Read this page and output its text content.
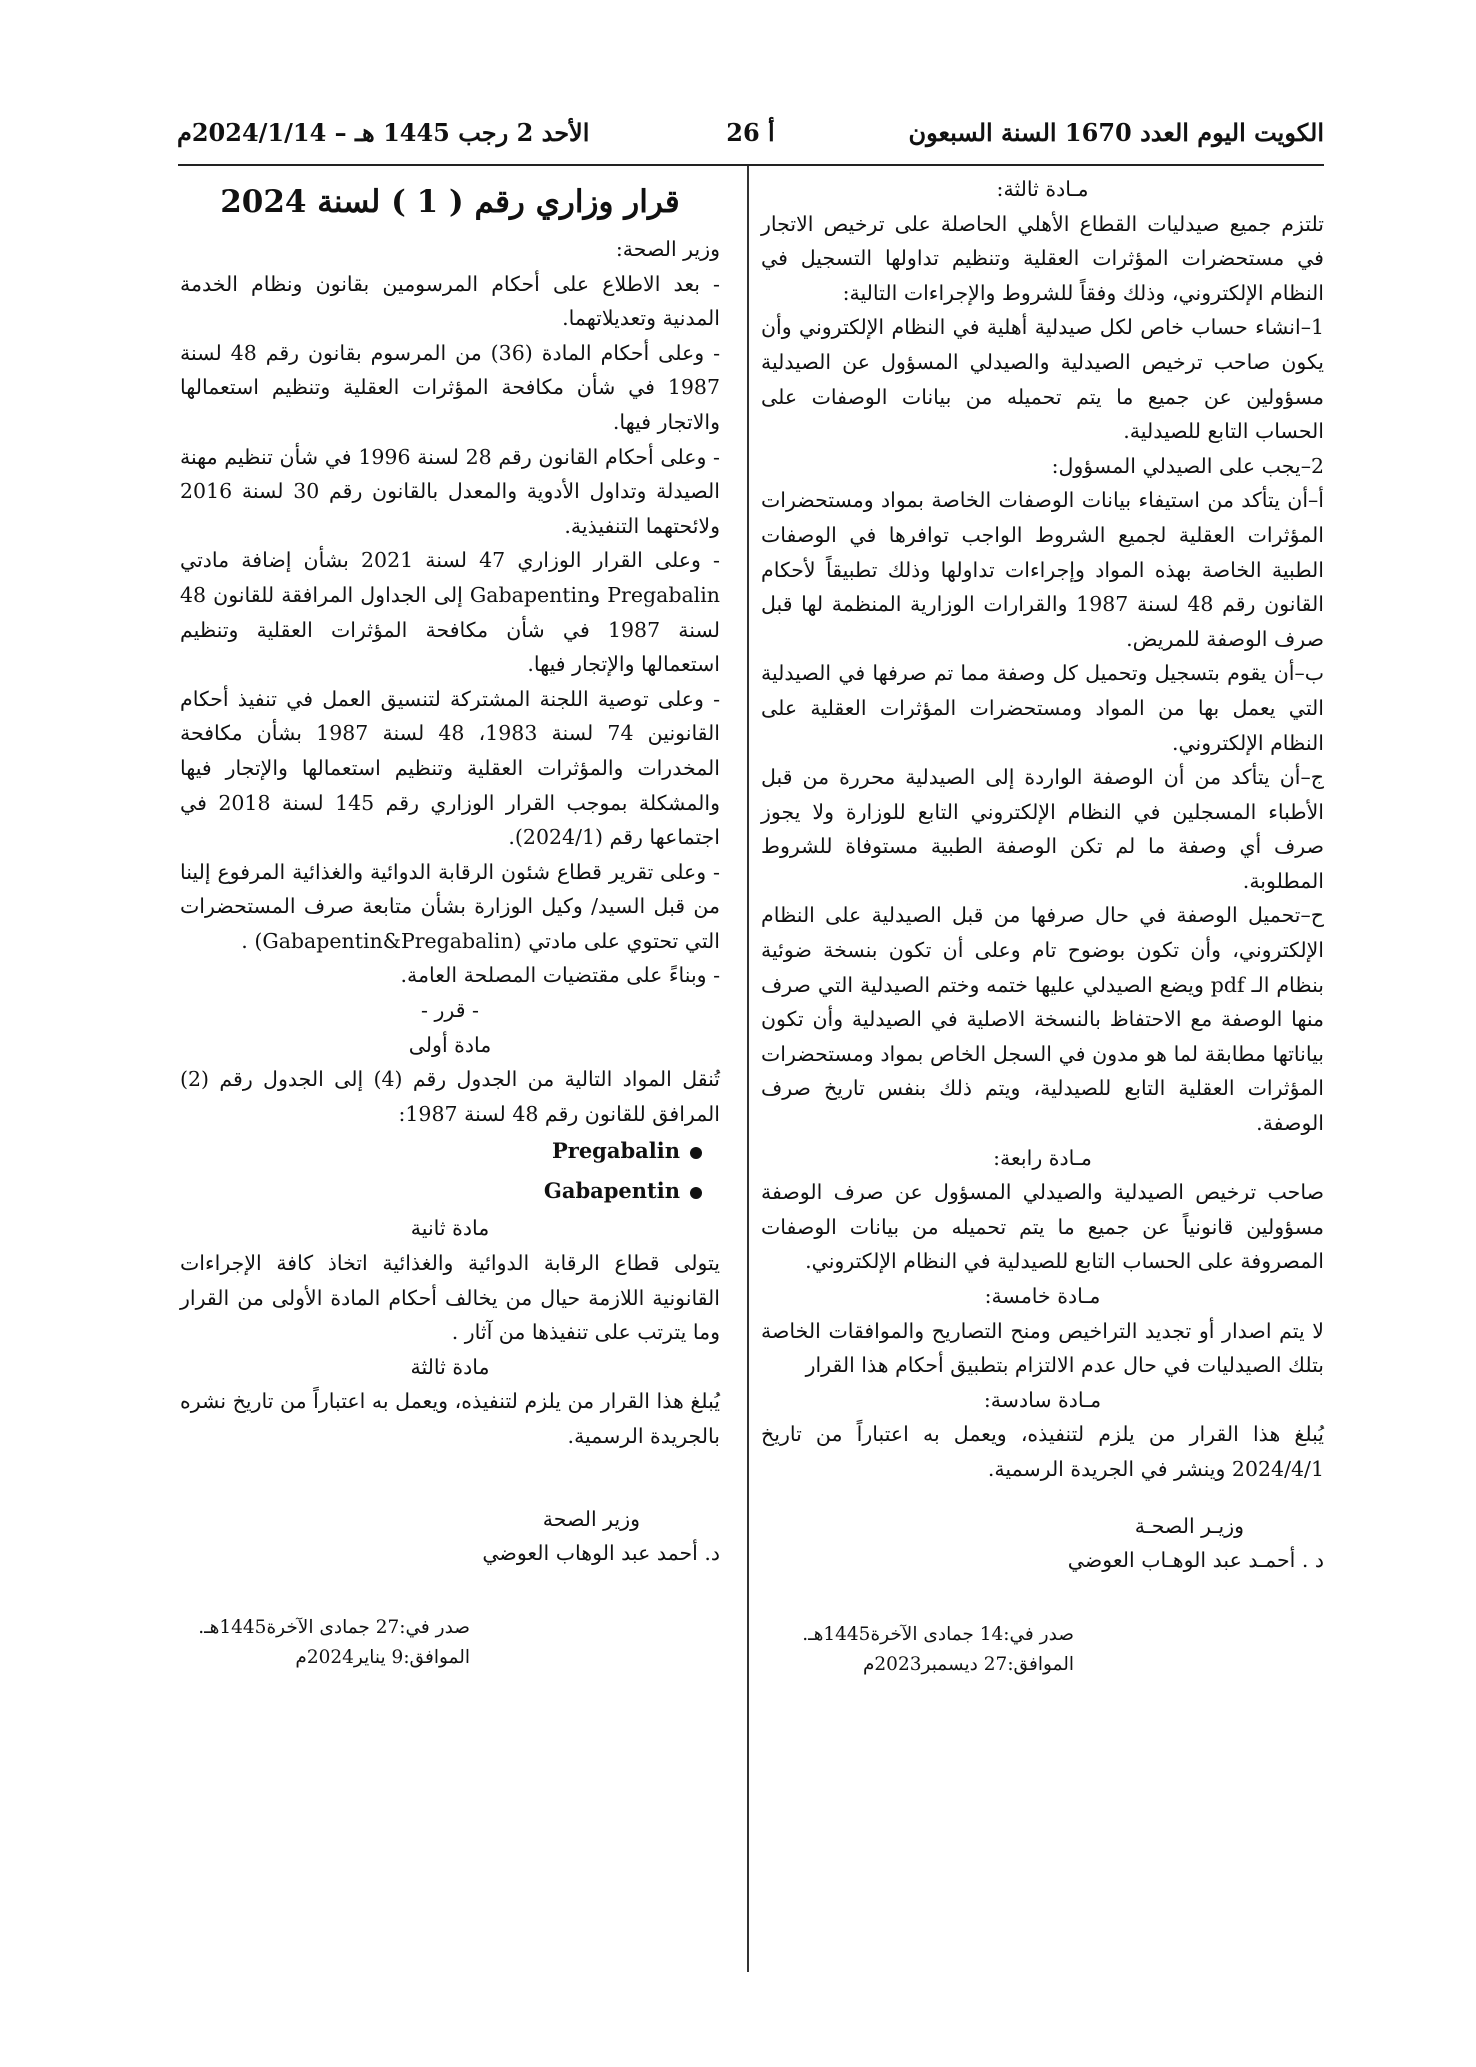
الكويت اليوم العدد 1670 السنة السبعون
أ 26
الأحد 2 رجب 1445 هـ – 2024/1/14م

مـادة ثالثة:

تلتزم جميع صيدليات القطاع الأهلي الحاصلة على ترخيص الاتجار في مستحضرات المؤثرات العقلية وتنظيم تداولها التسجيل في النظام الإلكتروني، وذلك وفقاً للشروط والإجراءات التالية:

1–انشاء حساب خاص لكل صيدلية أهلية في النظام الإلكتروني وأن يكون صاحب ترخيص الصيدلية والصيدلي المسؤول عن الصيدلية مسؤولين عن جميع ما يتم تحميله من بيانات الوصفات على الحساب التابع للصيدلية.

2–يجب على الصيدلي المسؤول:

أ–أن يتأكد من استيفاء بيانات الوصفات الخاصة بمواد ومستحضرات المؤثرات العقلية لجميع الشروط الواجب توافرها في الوصفات الطبية الخاصة بهذه المواد وإجراءات تداولها وذلك تطبيقاً لأحكام القانون رقم 48 لسنة 1987 والقرارات الوزارية المنظمة لها قبل صرف الوصفة للمريض.

ب–أن يقوم بتسجيل وتحميل كل وصفة مما تم صرفها في الصيدلية التي يعمل بها من المواد ومستحضرات المؤثرات العقلية على النظام الإلكتروني.

ج–أن يتأكد من أن الوصفة الواردة إلى الصيدلية محررة من قبل الأطباء المسجلين في النظام الإلكتروني التابع للوزارة ولا يجوز صرف أي وصفة ما لم تكن الوصفة الطبية مستوفاة للشروط المطلوبة.

ح–تحميل الوصفة في حال صرفها من قبل الصيدلية على النظام الإلكتروني، وأن تكون بوضوح تام وعلى أن تكون بنسخة ضوئية بنظام الـ pdf ويضع الصيدلي عليها ختمه وختم الصيدلية التي صرف منها الوصفة مع الاحتفاظ بالنسخة الاصلية في الصيدلية وأن تكون بياناتها مطابقة لما هو مدون في السجل الخاص بمواد ومستحضرات المؤثرات العقلية التابع للصيدلية، ويتم ذلك بنفس تاريخ صرف الوصفة.

مـادة رابعة:

صاحب ترخيص الصيدلية والصيدلي المسؤول عن صرف الوصفة مسؤولين قانونياً عن جميع ما يتم تحميله من بيانات الوصفات المصروفة على الحساب التابع للصيدلية في النظام الإلكتروني.

مـادة خامسة:

لا يتم اصدار أو تجديد التراخيص ومنح التصاريح والموافقات الخاصة بتلك الصيدليات في حال عدم الالتزام بتطبيق أحكام هذا القرار

مـادة سادسة:

يُبلغ هذا القرار من يلزم لتنفيذه، ويعمل به اعتباراً من تاريخ 2024/4/1 وينشر في الجريدة الرسمية.

وزيـر الصحـة

د . أحمـد عبد الوهـاب العوضي

صدر في:14 جمادى الآخرة1445هـ.

الموافق:27 ديسمبر2023م

قرار وزاري رقم ( 1 ) لسنة 2024

وزير الصحة:

- بعد الاطلاع على أحكام المرسومين بقانون ونظام الخدمة المدنية وتعديلاتهما.

- وعلى أحكام المادة (36) من المرسوم بقانون رقم 48 لسنة 1987 في شأن مكافحة المؤثرات العقلية وتنظيم استعمالها والاتجار فيها.

- وعلى أحكام القانون رقم 28 لسنة 1996 في شأن تنظيم مهنة الصيدلة وتداول الأدوية والمعدل بالقانون رقم 30 لسنة 2016 ولائحتهما التنفيذية.

- وعلى القرار الوزاري 47 لسنة 2021 بشأن إضافة مادتي Pregabalin وGabapentin إلى الجداول المرافقة للقانون 48 لسنة 1987 في شأن مكافحة المؤثرات العقلية وتنظيم استعمالها والإتجار فيها.

- وعلى توصية اللجنة المشتركة لتنسيق العمل في تنفيذ أحكام القانونين 74 لسنة 1983، 48 لسنة 1987 بشأن مكافحة المخدرات والمؤثرات العقلية وتنظيم استعمالها والإتجار فيها والمشكلة بموجب القرار الوزاري رقم 145 لسنة 2018 في اجتماعها رقم (2024/1).

- وعلى تقرير قطاع شئون الرقابة الدوائية والغذائية المرفوع إلينا من قبل السيد/ وكيل الوزارة بشأن متابعة صرف المستحضرات التي تحتوي على مادتي (Gabapentin&Pregabalin) .

- وبناءً على مقتضيات المصلحة العامة.

- قرر -

مادة أولى

تُنقل المواد التالية من الجدول رقم (4) إلى الجدول رقم (2) المرافق للقانون رقم 48 لسنة 1987:

Pregabalin
Gabapentin

مادة ثانية

يتولى قطاع الرقابة الدوائية والغذائية اتخاذ كافة الإجراءات القانونية اللازمة حيال من يخالف أحكام المادة الأولى من القرار وما يترتب على تنفيذها من آثار .

مادة ثالثة

يُبلغ هذا القرار من يلزم لتنفيذه، ويعمل به اعتباراً من تاريخ نشره بالجريدة الرسمية.

وزير الصحة

د. أحمد عبد الوهاب العوضي

صدر في:27 جمادى الآخرة1445هـ.

الموافق:9 يناير2024م
